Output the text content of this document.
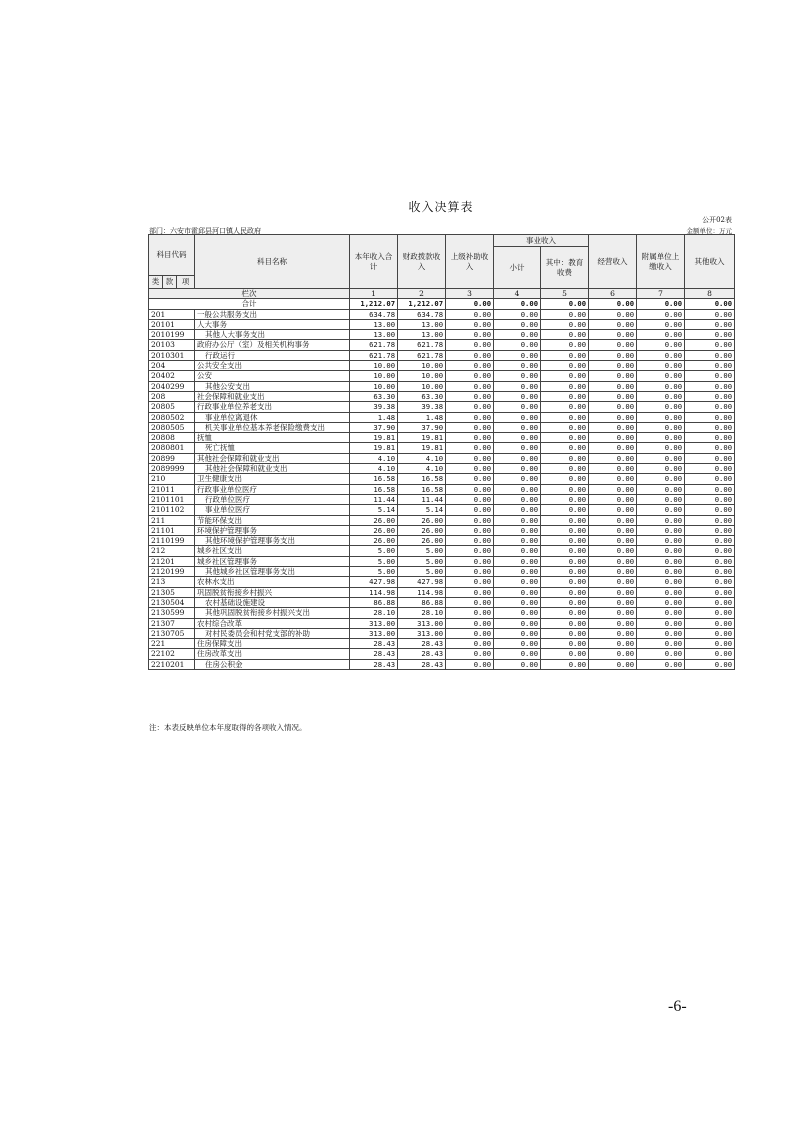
收入决算表
公开02表
部门：六安市霍邱县河口镇人民政府	金额单位：万元
科目代码			科目名称	本年收入合计	财政拨款收入	上级补助收入	事业收入		经营收入	附属单位上缴收入	其他收入
							小计	其中：教育收费			
类	款	项									
栏次				1	2	3	4	5	6	7	8
合计				1,212.07	1,212.07	0.00	0.00	0.00	0.00	0.00	0.00
201			一般公共服务支出	634.78	634.78	0.00	0.00	0.00	0.00	0.00	0.00
20101			人大事务	13.00	13.00	0.00	0.00	0.00	0.00	0.00	0.00
2010199			其他人大事务支出	13.00	13.00	0.00	0.00	0.00	0.00	0.00	0.00
20103			政府办公厅（室）及相关机构事务	621.78	621.78	0.00	0.00	0.00	0.00	0.00	0.00
2010301			行政运行	621.78	621.78	0.00	0.00	0.00	0.00	0.00	0.00
204			公共安全支出	10.00	10.00	0.00	0.00	0.00	0.00	0.00	0.00
20402			公安	10.00	10.00	0.00	0.00	0.00	0.00	0.00	0.00
2040299			其他公安支出	10.00	10.00	0.00	0.00	0.00	0.00	0.00	0.00
208			社会保障和就业支出	63.30	63.30	0.00	0.00	0.00	0.00	0.00	0.00
20805			行政事业单位养老支出	39.38	39.38	0.00	0.00	0.00	0.00	0.00	0.00
2080502			事业单位离退休	1.48	1.48	0.00	0.00	0.00	0.00	0.00	0.00
2080505			机关事业单位基本养老保险缴费支出	37.90	37.90	0.00	0.00	0.00	0.00	0.00	0.00
20808			抚恤	19.81	19.81	0.00	0.00	0.00	0.00	0.00	0.00
2080801			死亡抚恤	19.81	19.81	0.00	0.00	0.00	0.00	0.00	0.00
20899			其他社会保障和就业支出	4.10	4.10	0.00	0.00	0.00	0.00	0.00	0.00
2089999			其他社会保障和就业支出	4.10	4.10	0.00	0.00	0.00	0.00	0.00	0.00
210			卫生健康支出	16.58	16.58	0.00	0.00	0.00	0.00	0.00	0.00
21011			行政事业单位医疗	16.58	16.58	0.00	0.00	0.00	0.00	0.00	0.00
2101101			行政单位医疗	11.44	11.44	0.00	0.00	0.00	0.00	0.00	0.00
2101102			事业单位医疗	5.14	5.14	0.00	0.00	0.00	0.00	0.00	0.00
211			节能环保支出	26.00	26.00	0.00	0.00	0.00	0.00	0.00	0.00
21101			环境保护管理事务	26.00	26.00	0.00	0.00	0.00	0.00	0.00	0.00
2110199			其他环境保护管理事务支出	26.00	26.00	0.00	0.00	0.00	0.00	0.00	0.00
212			城乡社区支出	5.00	5.00	0.00	0.00	0.00	0.00	0.00	0.00
21201			城乡社区管理事务	5.00	5.00	0.00	0.00	0.00	0.00	0.00	0.00
2120199			其他城乡社区管理事务支出	5.00	5.00	0.00	0.00	0.00	0.00	0.00	0.00
213			农林水支出	427.98	427.98	0.00	0.00	0.00	0.00	0.00	0.00
21305			巩固脱贫衔接乡村振兴	114.98	114.98	0.00	0.00	0.00	0.00	0.00	0.00
2130504			农村基础设施建设	86.88	86.88	0.00	0.00	0.00	0.00	0.00	0.00
2130599			其他巩固脱贫衔接乡村振兴支出	28.10	28.10	0.00	0.00	0.00	0.00	0.00	0.00
21307			农村综合改革	313.00	313.00	0.00	0.00	0.00	0.00	0.00	0.00
2130705			对村民委员会和村党支部的补助	313.00	313.00	0.00	0.00	0.00	0.00	0.00	0.00
221			住房保障支出	28.43	28.43	0.00	0.00	0.00	0.00	0.00	0.00
22102			住房改革支出	28.43	28.43	0.00	0.00	0.00	0.00	0.00	0.00
2210201			住房公积金	28.43	28.43	0.00	0.00	0.00	0.00	0.00	0.00
注：本表反映单位本年度取得的各项收入情况。
-6-
